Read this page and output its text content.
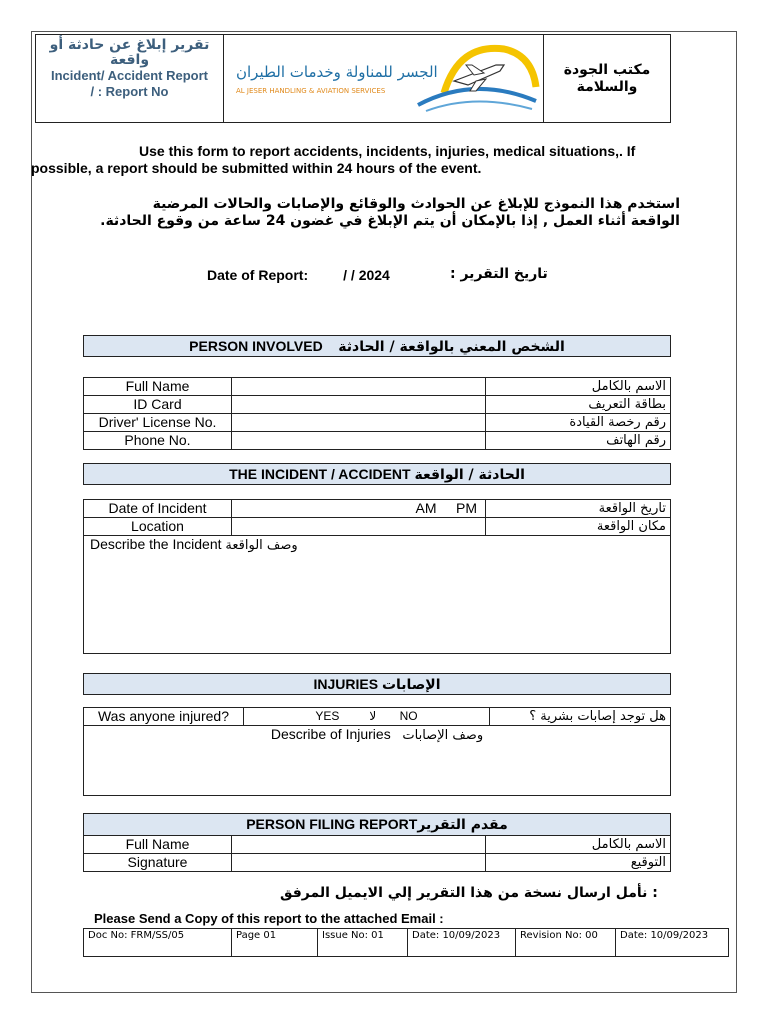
تقرير إبلاغ عن حادثة أو واقعة
Incident/ Accident Report
/ : Report No
الجسر للمناولة وخدمات الطيران
AL JESER HANDLING & AVIATION SERVICES
مكتب الجودة والسلامة
Use this form to report accidents, incidents, injuries, medical situations,. If
possible, a report should be submitted within 24 hours of the event.
استخدم هذا النموذج للإبلاغ عن الحوادث والوقائع والإصابات والحالات المرضية الواقعة أثناء العمل , إذا بالإمكان أن يتم الإبلاغ في غضون 24 ساعة من وقوع الحادثة.
Date of Report:	/ / 2024	تاريخ التقرير :
PERSON INVOLVED الشخص المعني بالواقعة / الحادثة
Full Name		الاسم بالكامل
ID Card		بطاقة التعريف
Driver' License No.		رقم رخصة القيادة
Phone No.		رقم الهاتف
THE INCIDENT / ACCIDENT الحادثة / الواقعة
Date of Incident	AM PM	تاريخ الواقعة
Location		مكان الواقعة
Describe the Incident وصف الواقعة		
INJURIES الإصابات
Was anyone injured?	YES	لا NO	هل توجد إصابات بشرية ؟
Describe of Injuries وصف الإصابات
PERSON FILING REPORTمقدم التقرير		
Full Name		الاسم بالكامل
Signature		التوقيع
: نأمل ارسال نسخة من هذا التقرير إلي الايميل المرفق
Please Send a Copy of this report to the attached Email :
Doc No: FRM/SS/05	Page 01	Issue No: 01	Date: 10/09/2023	Revision No: 00	Date: 10/09/2023
